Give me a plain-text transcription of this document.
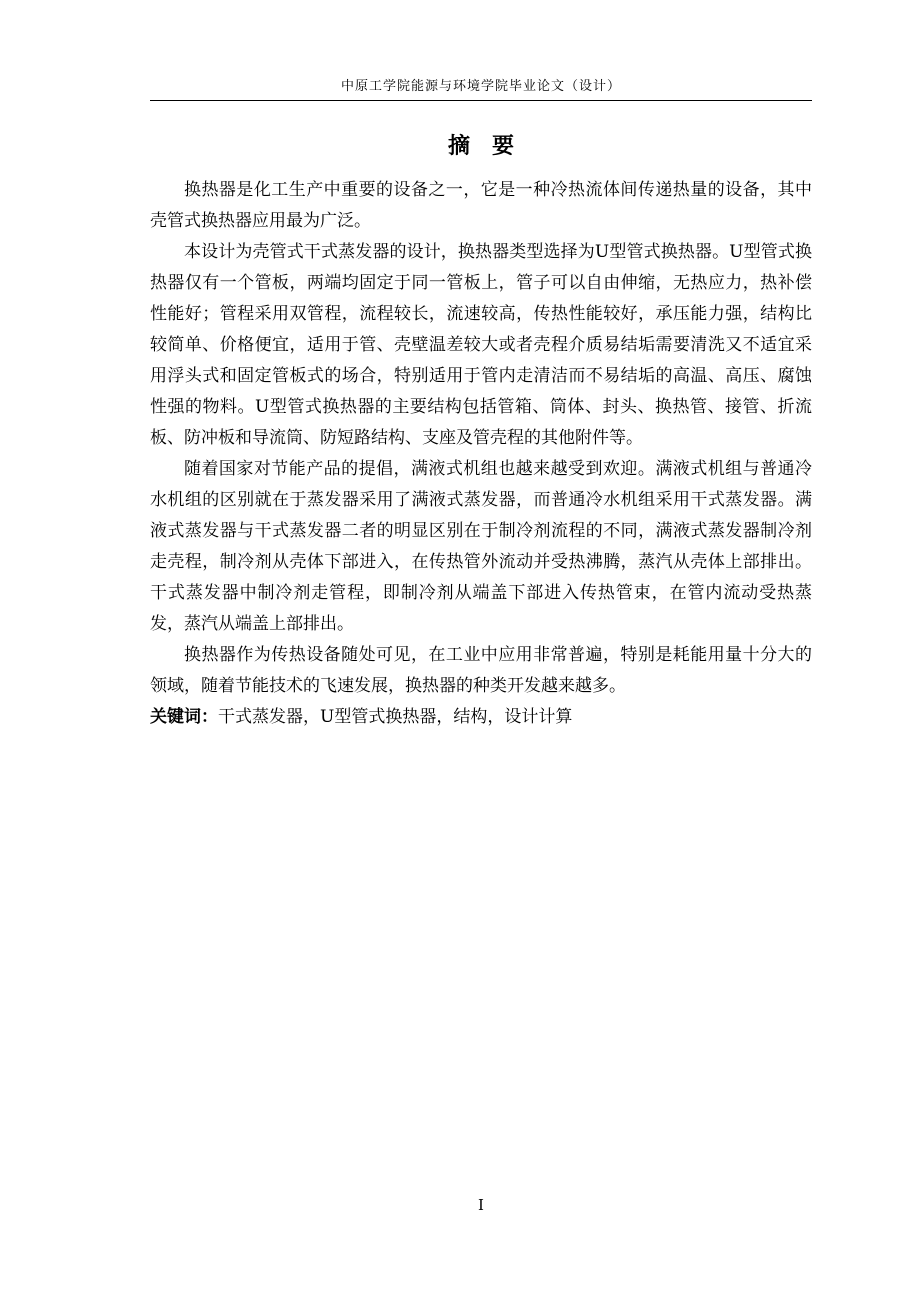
中原工学院能源与环境学院毕业论文（设计）
摘要

换热器是化工生产中重要的设备之一，它是一种冷热流体间传递热量的设备，其中壳管式换热器应用最为广泛。

本设计为壳管式干式蒸发器的设计，换热器类型选择为U型管式换热器。U型管式换热器仅有一个管板，两端均固定于同一管板上，管子可以自由伸缩，无热应力，热补偿性能好；管程采用双管程，流程较长，流速较高，传热性能较好，承压能力强，结构比较简单、价格便宜，适用于管、壳壁温差较大或者壳程介质易结垢需要清洗又不适宜采用浮头式和固定管板式的场合，特别适用于管内走清洁而不易结垢的高温、高压、腐蚀性强的物料。U型管式换热器的主要结构包括管箱、筒体、封头、换热管、接管、折流板、防冲板和导流筒、防短路结构、支座及管壳程的其他附件等。

随着国家对节能产品的提倡，满液式机组也越来越受到欢迎。满液式机组与普通冷水机组的区别就在于蒸发器采用了满液式蒸发器，而普通冷水机组采用干式蒸发器。满液式蒸发器与干式蒸发器二者的明显区别在于制冷剂流程的不同，满液式蒸发器制冷剂走壳程，制冷剂从壳体下部进入，在传热管外流动并受热沸腾，蒸汽从壳体上部排出。干式蒸发器中制冷剂走管程，即制冷剂从端盖下部进入传热管束，在管内流动受热蒸发，蒸汽从端盖上部排出。

换热器作为传热设备随处可见，在工业中应用非常普遍，特别是耗能用量十分大的领域，随着节能技术的飞速发展，换热器的种类开发越来越多。

关键词：干式蒸发器，U型管式换热器，结构，设计计算

I
